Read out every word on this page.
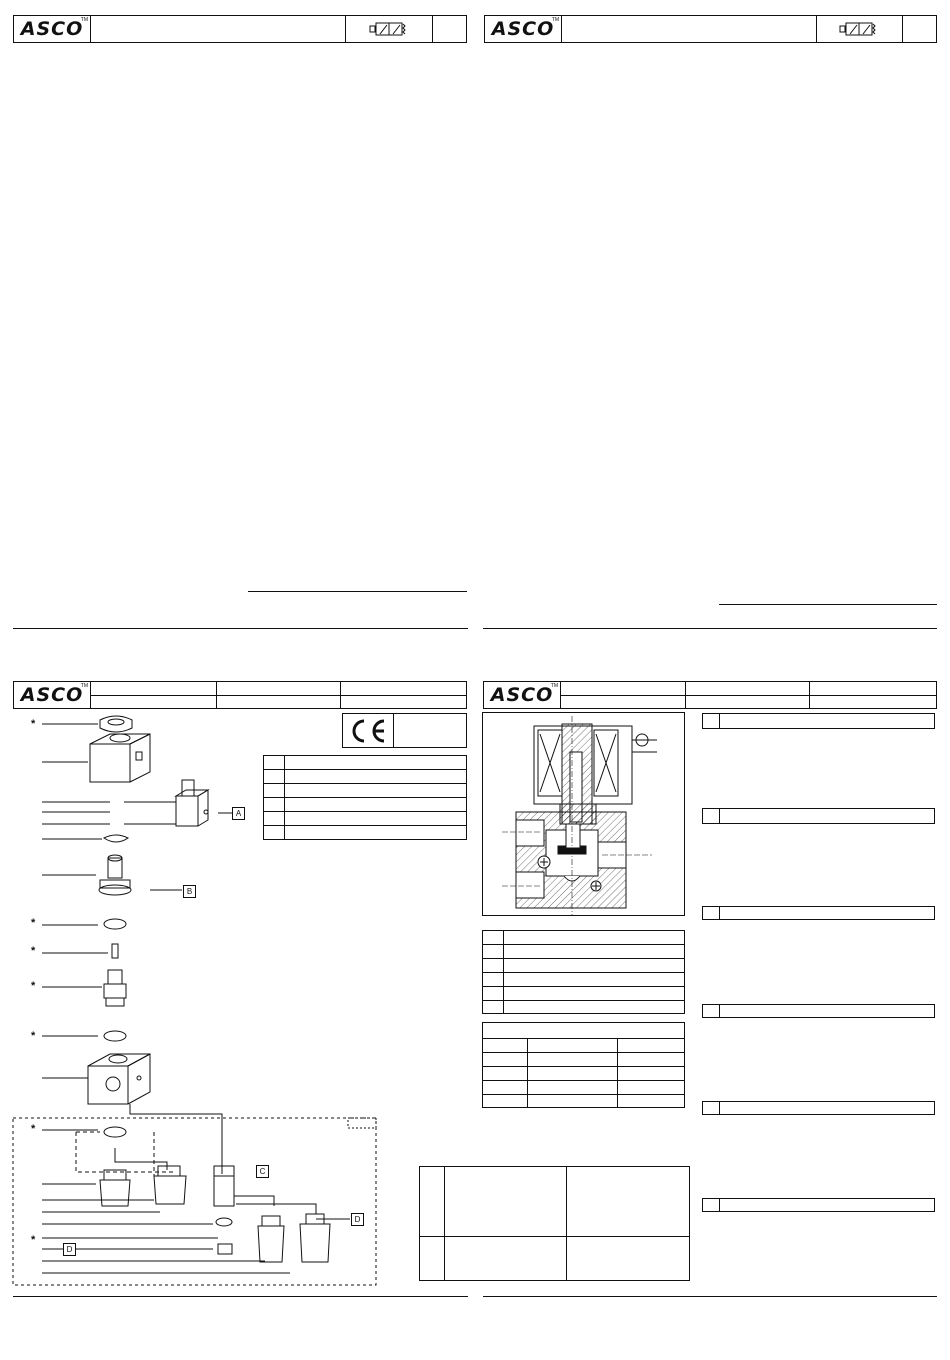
ASCO
TM	ASCO
TM
ASCO
TM
*
*
*
*
*
*
*
A
B
C
D
D
ASCO
TM
